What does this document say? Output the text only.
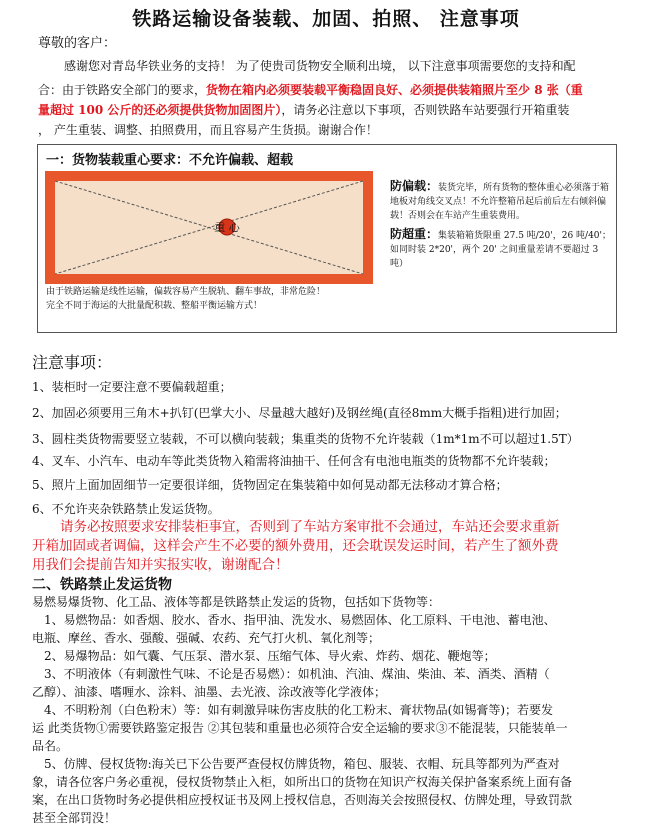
铁路运输设备装载、加固、拍照、 注意事项
尊敬的客户：
感谢您对青岛华铁业务的支持！ 为了使贵司货物安全顺利出境， 以下注意事项需要您的支持和配
合：由于铁路安全部门的要求，货物在箱内必须要装载平衡稳固良好、必须提供装箱照片至少 8 张（重
量超过 100 公斤的还必须提供货物加固图片），请务必注意以下事项，否则铁路车站要强行开箱重装
， 产生重装、调整、拍照费用，而且容易产生货损。谢谢合作！
一：货物装载重心要求：不允许偏载、超载
重 心
由于铁路运输是线性运输，偏载容易产生脱轨、翻车事故，非常危险！
完全不同于海运的大批量配积载、整船平衡运输方式！
防偏载：装货完毕，所有货物的整体重心必须落于箱地板对角线交叉点！不允许整箱吊起后前后左右倾斜偏载！否则会在车站产生重装费用。
防超重：集装箱箱货限重 27.5 吨/20'，26 吨/40'；如同时装 2*20'，两个 20' 之间重量差请不要超过 3 吨）
注意事项：
1、装柜时一定要注意不要偏载超重；
2、加固必须要用三角木+扒钉(巴掌大小、尽量越大越好)及钢丝绳(直径8mm大概手指粗)进行加固；
3、圆柱类货物需要竖立装载，不可以横向装载；集重类的货物不允许装载（1m*1m不可以超过1.5T）
4、叉车、小汽车、电动车等此类货物入箱需将油抽干、任何含有电池电瓶类的货物都不允许装载；
5、照片上面加固细节一定要很详细，货物固定在集装箱中如何晃动都无法移动才算合格；
6、不允许夹杂铁路禁止发运货物。
请务必按照要求安排装柜事宜，否则到了车站方案审批不会通过，车站还会要求重新
开箱加固或者调偏，这样会产生不必要的额外费用，还会耽误发运时间，若产生了额外费
用我们会提前告知并实报实收，谢谢配合！
二、铁路禁止发运货物
易燃易爆货物、化工品、液体等都是铁路禁止发运的货物，包括如下货物等：
　1、易燃物品：如香烟、胶水、香水、指甲油、洗发水、易燃固体、化工原料、干电池、蓄电池、
电瓶、摩丝、香水、强酸、强碱、农药、充气打火机、氧化剂等；
　2、易爆物品：如气囊、气压泵、潜水泵、压缩气体、导火索、炸药、烟花、鞭炮等；
　3、不明液体（有刺激性气味、不论是否易燃）：如机油、汽油、煤油、柴油、苯、酒类、酒精（
乙醇）、油漆、嗜喱水、涂料、油墨、去光液、涂改液等化学液体；
　4、不明粉剂（白色粉末）等：如有刺激异味伤害皮肤的化工粉末、膏状物品(如锡膏等)；若要发
运 此类货物①需要铁路鉴定报告 ②其包装和重量也必须符合安全运输的要求③不能混装，只能装单一
品名。
　5、仿牌、侵权货物:海关已下公告要严查侵权仿牌货物，箱包、服装、衣帽、玩具等都列为严查对
象，请各位客户务必重视，侵权货物禁止入柜，如所出口的货物在知识产权海关保护备案系统上面有备
案，在出口货物时务必提供相应授权证书及网上授权信息，否则海关会按照侵权、仿牌处理，导致罚款
甚至全部罚没！
